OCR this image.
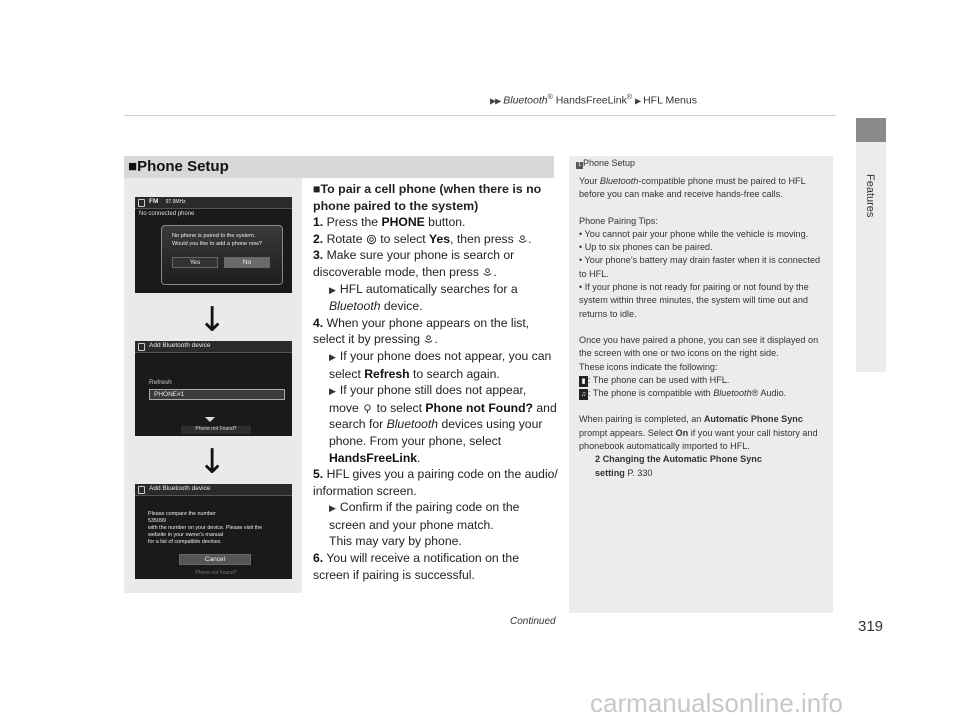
▶▶ Bluetooth® HandsFreeLink® ▶ HFL Menus
Features
■Phone Setup
FM 97.9MHz
No connected phone
No phone is paired to the system.
Would you like to add a phone now?
Yes	No
↓
Add Bluetooth device
Refresh
PHONE#1
Phone not Found?
↓
Add Bluetooth device
Please compare the number
535099
with the number on your device. Please visit the
website in your owner's manual
for a list of compatible devices.
Cancel
Phone not Found?
■To pair a cell phone (when there is no phone paired to the system)
1. Press the PHONE button.
2. Rotate  to select Yes, then press .
3. Make sure your phone is search or discoverable mode, then press .
▶ HFL automatically searches for a Bluetooth device.
4. When your phone appears on the list, select it by pressing .
▶ If your phone does not appear, you can select Refresh to search again.
▶ If your phone still does not appear, move  to select Phone not Found? and search for Bluetooth devices using your phone. From your phone, select HandsFreeLink.
5. HFL gives you a pairing code on the audio/ information screen.
▶ Confirm if the pairing code on the screen and your phone match.
This may vary by phone.
6. You will receive a notification on the screen if pairing is successful.
1 Phone Setup

Your Bluetooth-compatible phone must be paired to HFL before you can make and receive hands-free calls.

Phone Pairing Tips:

• You cannot pair your phone while the vehicle is moving.

• Up to six phones can be paired.

• Your phone’s battery may drain faster when it is connected to HFL.

• If your phone is not ready for pairing or not found by the system within three minutes, the system will time out and returns to idle.

Once you have paired a phone, you can see it displayed on the screen with one or two icons on the right side.

These icons indicate the following:

▮ : The phone can be used with HFL.

♫ : The phone is compatible with Bluetooth® Audio.

When pairing is completed, an Automatic Phone Sync prompt appears. Select On if you want your call history and phonebook automatically imported to HFL.

2 Changing the Automatic Phone Sync setting P. 330

Continued	319
carmanualsonline.info
